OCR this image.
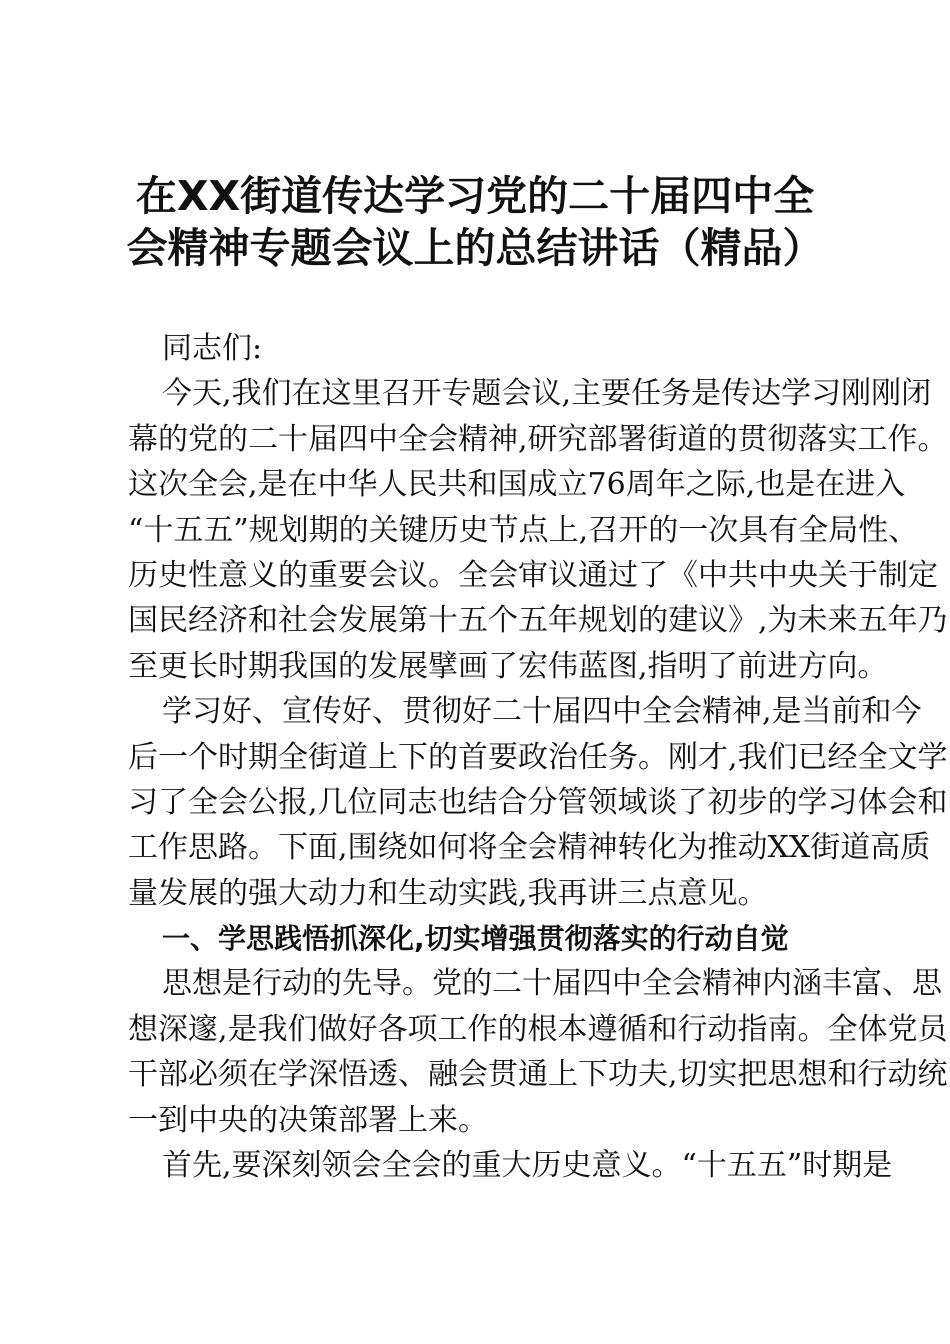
在XX街道传达学习党的二十届四中全
会精神专题会议上的总结讲话（精品）
同志们:
今天,我们在这里召开专题会议,主要任务是传达学习刚刚闭
幕的党的二十届四中全会精神,研究部署街道的贯彻落实工作。
这次全会,是在中华人民共和国成立76周年之际,也是在进入
“十五五”规划期的关键历史节点上,召开的一次具有全局性、
历史性意义的重要会议。全会审议通过了《中共中央关于制定
国民经济和社会发展第十五个五年规划的建议》,为未来五年乃
至更长时期我国的发展擘画了宏伟蓝图,指明了前进方向。
学习好、宣传好、贯彻好二十届四中全会精神,是当前和今
后一个时期全街道上下的首要政治任务。刚才,我们已经全文学
习了全会公报,几位同志也结合分管领域谈了初步的学习体会和
工作思路。下面,围绕如何将全会精神转化为推动XX街道高质
量发展的强大动力和生动实践,我再讲三点意见。
一、学思践悟抓深化,切实增强贯彻落实的行动自觉
思想是行动的先导。党的二十届四中全会精神内涵丰富、思
想深邃,是我们做好各项工作的根本遵循和行动指南。全体党员
干部必须在学深悟透、融会贯通上下功夫,切实把思想和行动统
一到中央的决策部署上来。
首先,要深刻领会全会的重大历史意义。“十五五”时期是
